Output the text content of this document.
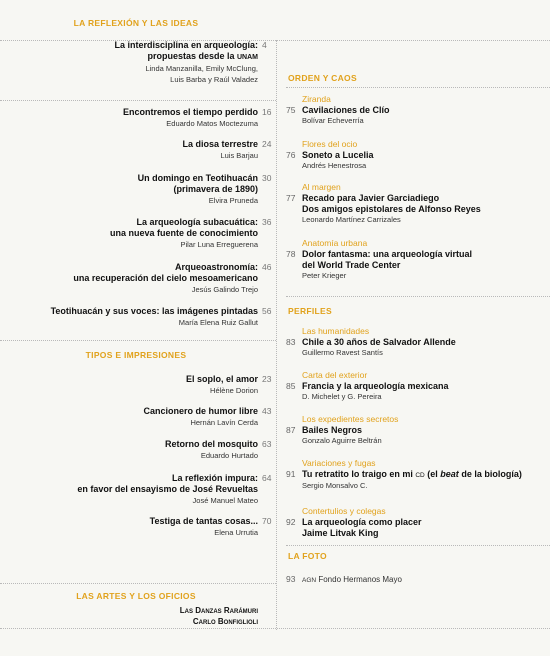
LA REFLEXIÓN Y LAS IDEAS
La interdisciplina en arqueología:
propuestas desde la UNAM
Linda Manzanilla, Emily McClung,
Luis Barba y Raúl Valadez
4
Encontremos el tiempo perdido
Eduardo Matos Moctezuma
16
La diosa terrestre
Luis Barjau
24
Un domingo en Teotihuacán
(primavera de 1890)
Elvira Pruneda
30
La arqueología subacuática:
una nueva fuente de conocimiento
Pilar Luna Erreguerena
36
Arqueoastronomía:
una recuperación del cielo mesoamericano
Jesús Galindo Trejo
46
Teotihuacán y sus voces: las imágenes pintadas
María Elena Ruiz Gallut
56
TIPOS E IMPRESIONES
El soplo, el amor
Hélène Dorion
23
Cancionero de humor libre
Hernán Lavín Cerda
43
Retorno del mosquito
Eduardo Hurtado
63
La reflexión impura:
en favor del ensayismo de José Revueltas
José Manuel Mateo
64
Testiga de tantas cosas...
Elena Urrutia
70
LAS ARTES Y LOS OFICIOS
Las Danzas Rarámuri
Carlo Bonfiglioli
ORDEN Y CAOS
Ziranda
75 Cavilaciones de Clío
Bolívar Echeverría
Flores del ocio
76 Soneto a Lucelia
Andrés Henestrosa
Al margen
77 Recado para Javier Garciadiego
Dos amigos epistolares de Alfonso Reyes
Leonardo Martínez Carrizales
Anatomía urbana
78 Dolor fantasma: una arqueología virtual
del World Trade Center
Peter Krieger
PERFILES
Las humanidades
83 Chile a 30 años de Salvador Allende
Guillermo Ravest Santís
Carta del exterior
85 Francia y la arqueología mexicana
D. Michelet y G. Pereira
Los expedientes secretos
87 Bailes Negros
Gonzalo Aguirre Beltrán
Variaciones y fugas
91 Tu retratito lo traigo en mi CD (el beat de la biología)
Sergio Monsalvo C.
Contertulios y colegas
92 La arqueología como placer
Jaime Litvak King
LA FOTO
93 AGN Fondo Hermanos Mayo
